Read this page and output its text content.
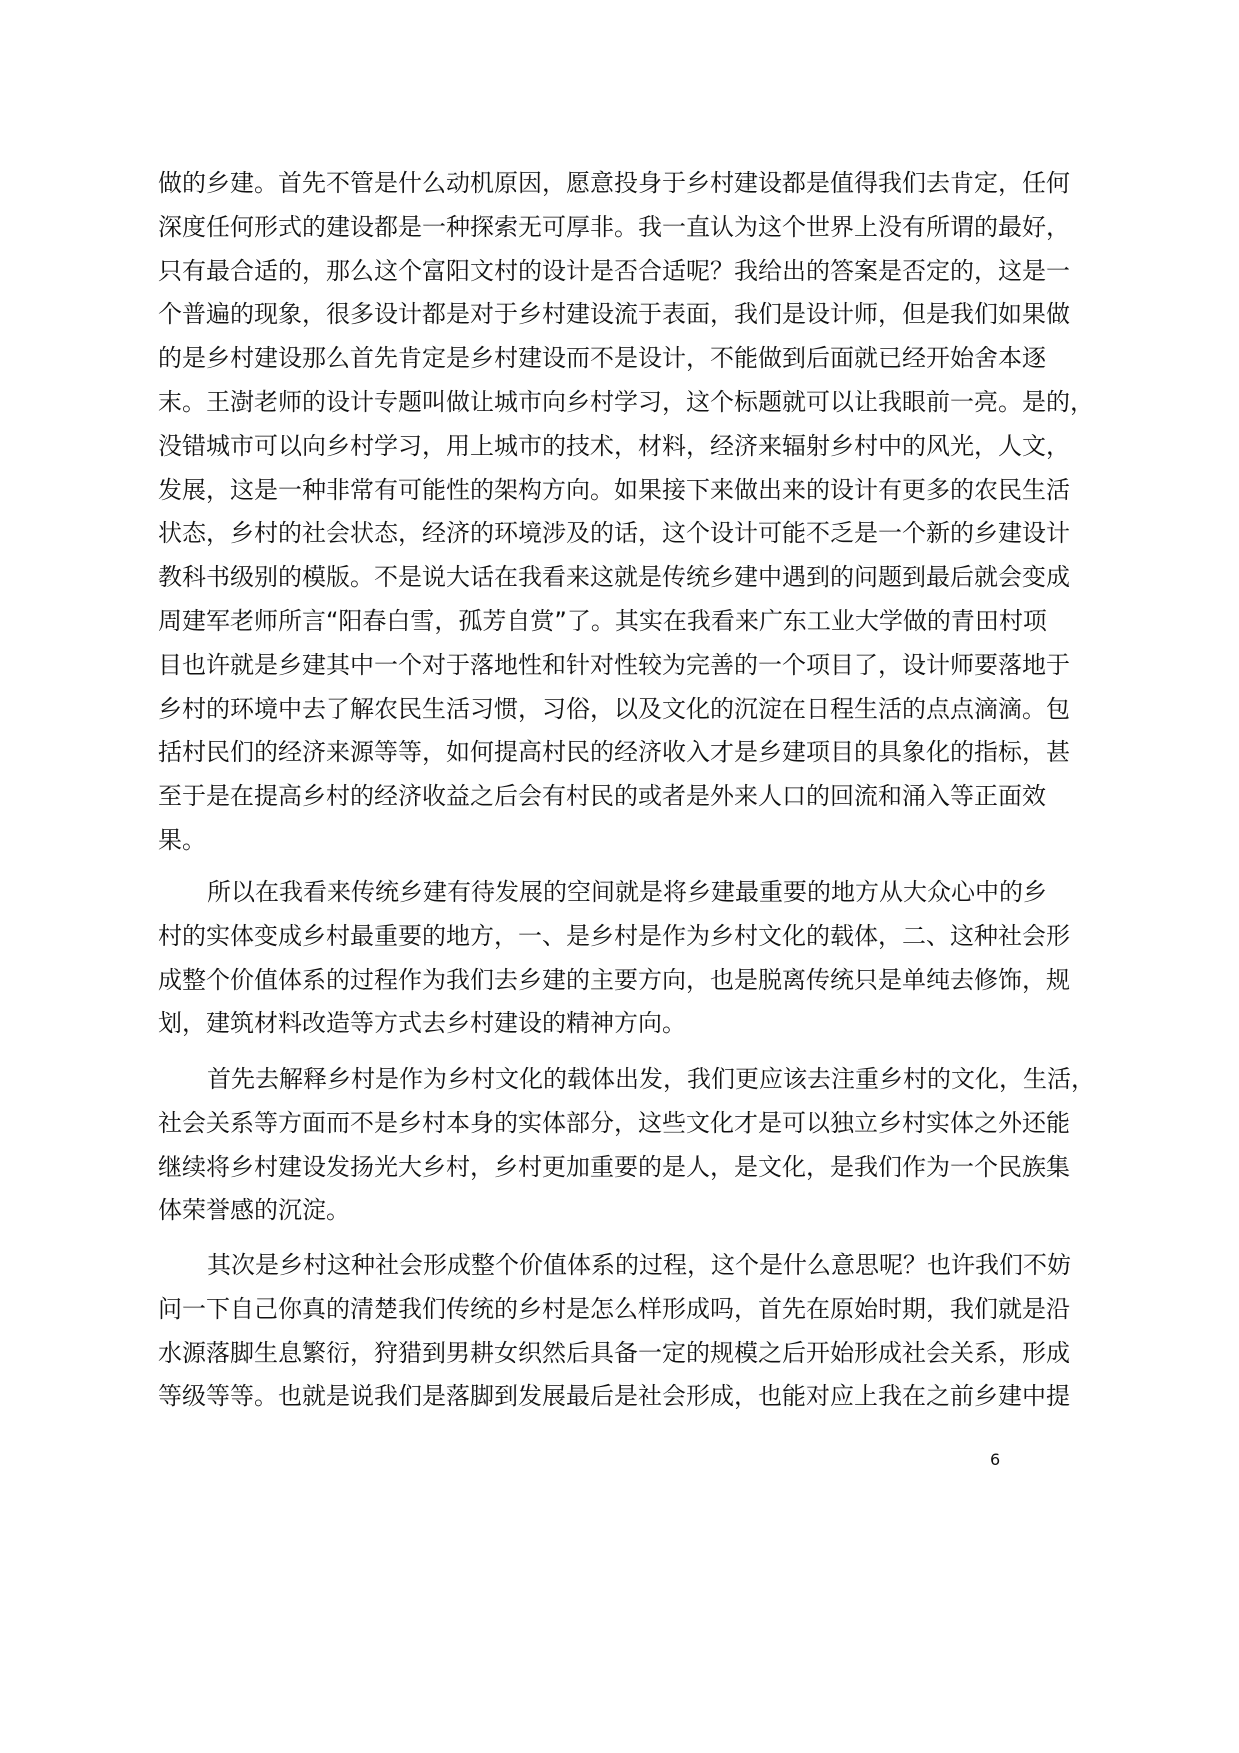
做的乡建。首先不管是什么动机原因，愿意投身于乡村建设都是值得我们去肯定，任何
深度任何形式的建设都是一种探索无可厚非。我一直认为这个世界上没有所谓的最好，
只有最合适的，那么这个富阳文村的设计是否合适呢？我给出的答案是否定的，这是一
个普遍的现象，很多设计都是对于乡村建设流于表面，我们是设计师，但是我们如果做
的是乡村建设那么首先肯定是乡村建设而不是设计，不能做到后面就已经开始舍本逐
末。王澍老师的设计专题叫做让城市向乡村学习，这个标题就可以让我眼前一亮。是的，
没错城市可以向乡村学习，用上城市的技术，材料，经济来辐射乡村中的风光，人文，
发展，这是一种非常有可能性的架构方向。如果接下来做出来的设计有更多的农民生活
状态，乡村的社会状态，经济的环境涉及的话，这个设计可能不乏是一个新的乡建设计
教科书级别的模版。不是说大话在我看来这就是传统乡建中遇到的问题到最后就会变成
周建军老师所言“阳春白雪，孤芳自赏”了。其实在我看来广东工业大学做的青田村项
目也许就是乡建其中一个对于落地性和针对性较为完善的一个项目了，设计师要落地于
乡村的环境中去了解农民生活习惯，习俗，以及文化的沉淀在日程生活的点点滴滴。包
括村民们的经济来源等等，如何提高村民的经济收入才是乡建项目的具象化的指标，甚
至于是在提高乡村的经济收益之后会有村民的或者是外来人口的回流和涌入等正面效
果。
所以在我看来传统乡建有待发展的空间就是将乡建最重要的地方从大众心中的乡
村的实体变成乡村最重要的地方，一、是乡村是作为乡村文化的载体，二、这种社会形
成整个价值体系的过程作为我们去乡建的主要方向，也是脱离传统只是单纯去修饰，规
划，建筑材料改造等方式去乡村建设的精神方向。
首先去解释乡村是作为乡村文化的载体出发，我们更应该去注重乡村的文化，生活，
社会关系等方面而不是乡村本身的实体部分，这些文化才是可以独立乡村实体之外还能
继续将乡村建设发扬光大乡村，乡村更加重要的是人，是文化，是我们作为一个民族集
体荣誉感的沉淀。
其次是乡村这种社会形成整个价值体系的过程，这个是什么意思呢？也许我们不妨
问一下自己你真的清楚我们传统的乡村是怎么样形成吗，首先在原始时期，我们就是沿
水源落脚生息繁衍，狩猎到男耕女织然后具备一定的规模之后开始形成社会关系，形成
等级等等。也就是说我们是落脚到发展最后是社会形成，也能对应上我在之前乡建中提
6
